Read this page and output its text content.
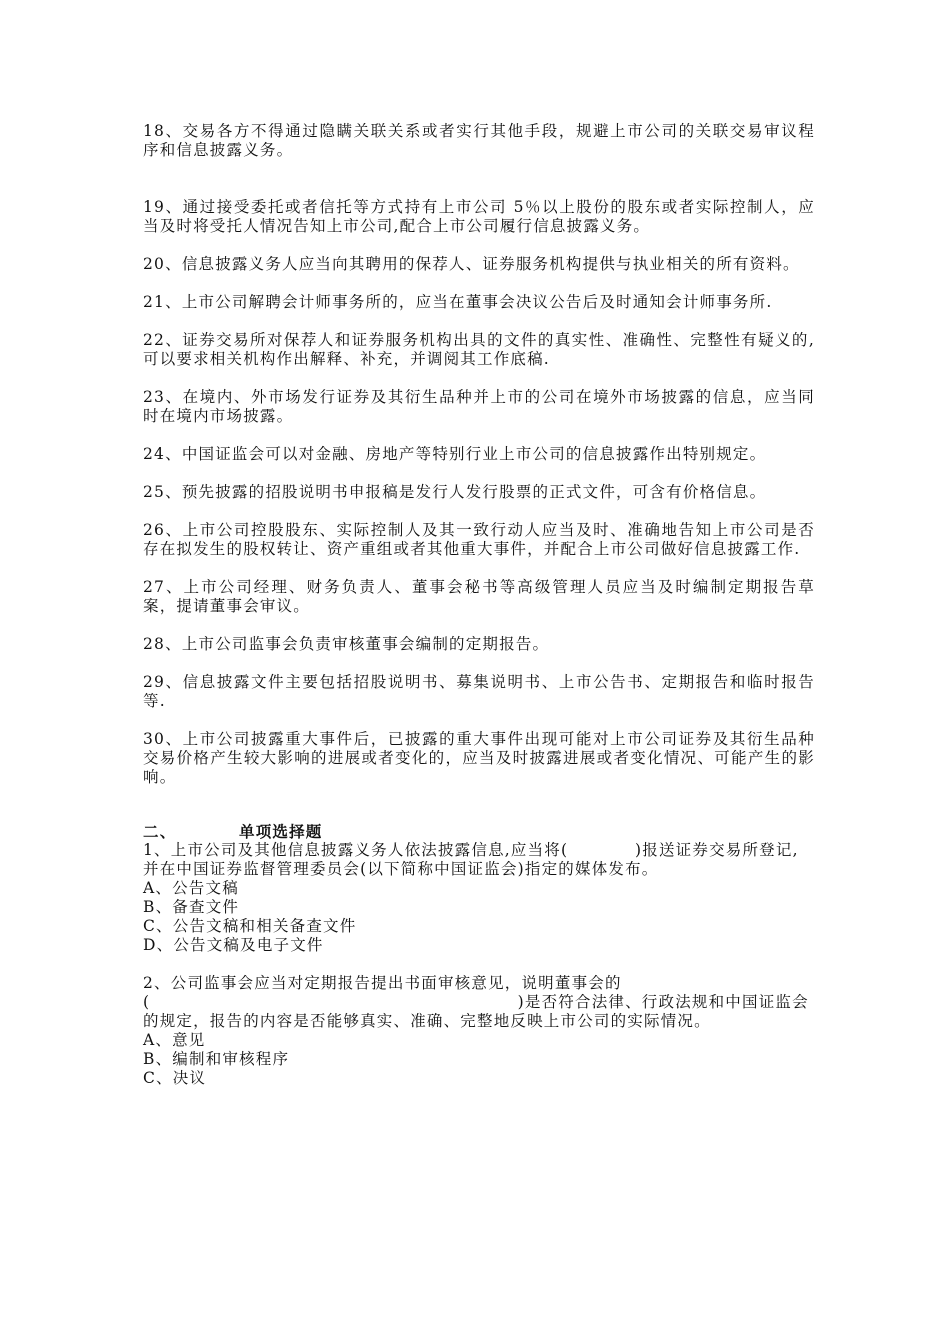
18、交易各方不得通过隐瞒关联关系或者实行其他手段，规避上市公司的关联交易审议程序和信息披露义务。

19、通过接受委托或者信托等方式持有上市公司 5％以上股份的股东或者实际控制人，应当及时将受托人情况告知上市公司,配合上市公司履行信息披露义务。

20、信息披露义务人应当向其聘用的保荐人、证券服务机构提供与执业相关的所有资料。

21、上市公司解聘会计师事务所的，应当在董事会决议公告后及时通知会计师事务所.

22、证券交易所对保荐人和证券服务机构出具的文件的真实性、准确性、完整性有疑义的,可以要求相关机构作出解释、补充，并调阅其工作底稿.

23、在境内、外市场发行证券及其衍生品种并上市的公司在境外市场披露的信息，应当同时在境内市场披露。

24、中国证监会可以对金融、房地产等特别行业上市公司的信息披露作出特别规定。

25、预先披露的招股说明书申报稿是发行人发行股票的正式文件，可含有价格信息。

26、上市公司控股股东、实际控制人及其一致行动人应当及时、准确地告知上市公司是否存在拟发生的股权转让、资产重组或者其他重大事件，并配合上市公司做好信息披露工作.

27、上市公司经理、财务负责人、董事会秘书等高级管理人员应当及时编制定期报告草案，提请董事会审议。

28、上市公司监事会负责审核董事会编制的定期报告。

29、信息披露文件主要包括招股说明书、募集说明书、上市公告书、定期报告和临时报告等.

30、上市公司披露重大事件后，已披露的重大事件出现可能对上市公司证券及其衍生品种交易价格产生较大影响的进展或者变化的，应当及时披露进展或者变化情况、可能产生的影响。

二、	单项选择题

1、上市公司及其他信息披露义务人依法披露信息,应当将(　　　　)报送证券交易所登记,并在中国证券监督管理委员会(以下简称中国证监会)指定的媒体发布。

A、公告文稿

B、备查文件

C、公告文稿和相关备查文件

D、公告文稿及电子文件

2、公司监事会应当对定期报告提出书面审核意见，说明董事会的(　　　　　　　　　　　　　　　　　　　　　　)是否符合法律、行政法规和中国证监会的规定，报告的内容是否能够真实、准确、完整地反映上市公司的实际情况。

A、意见

B、编制和审核程序

C、决议
